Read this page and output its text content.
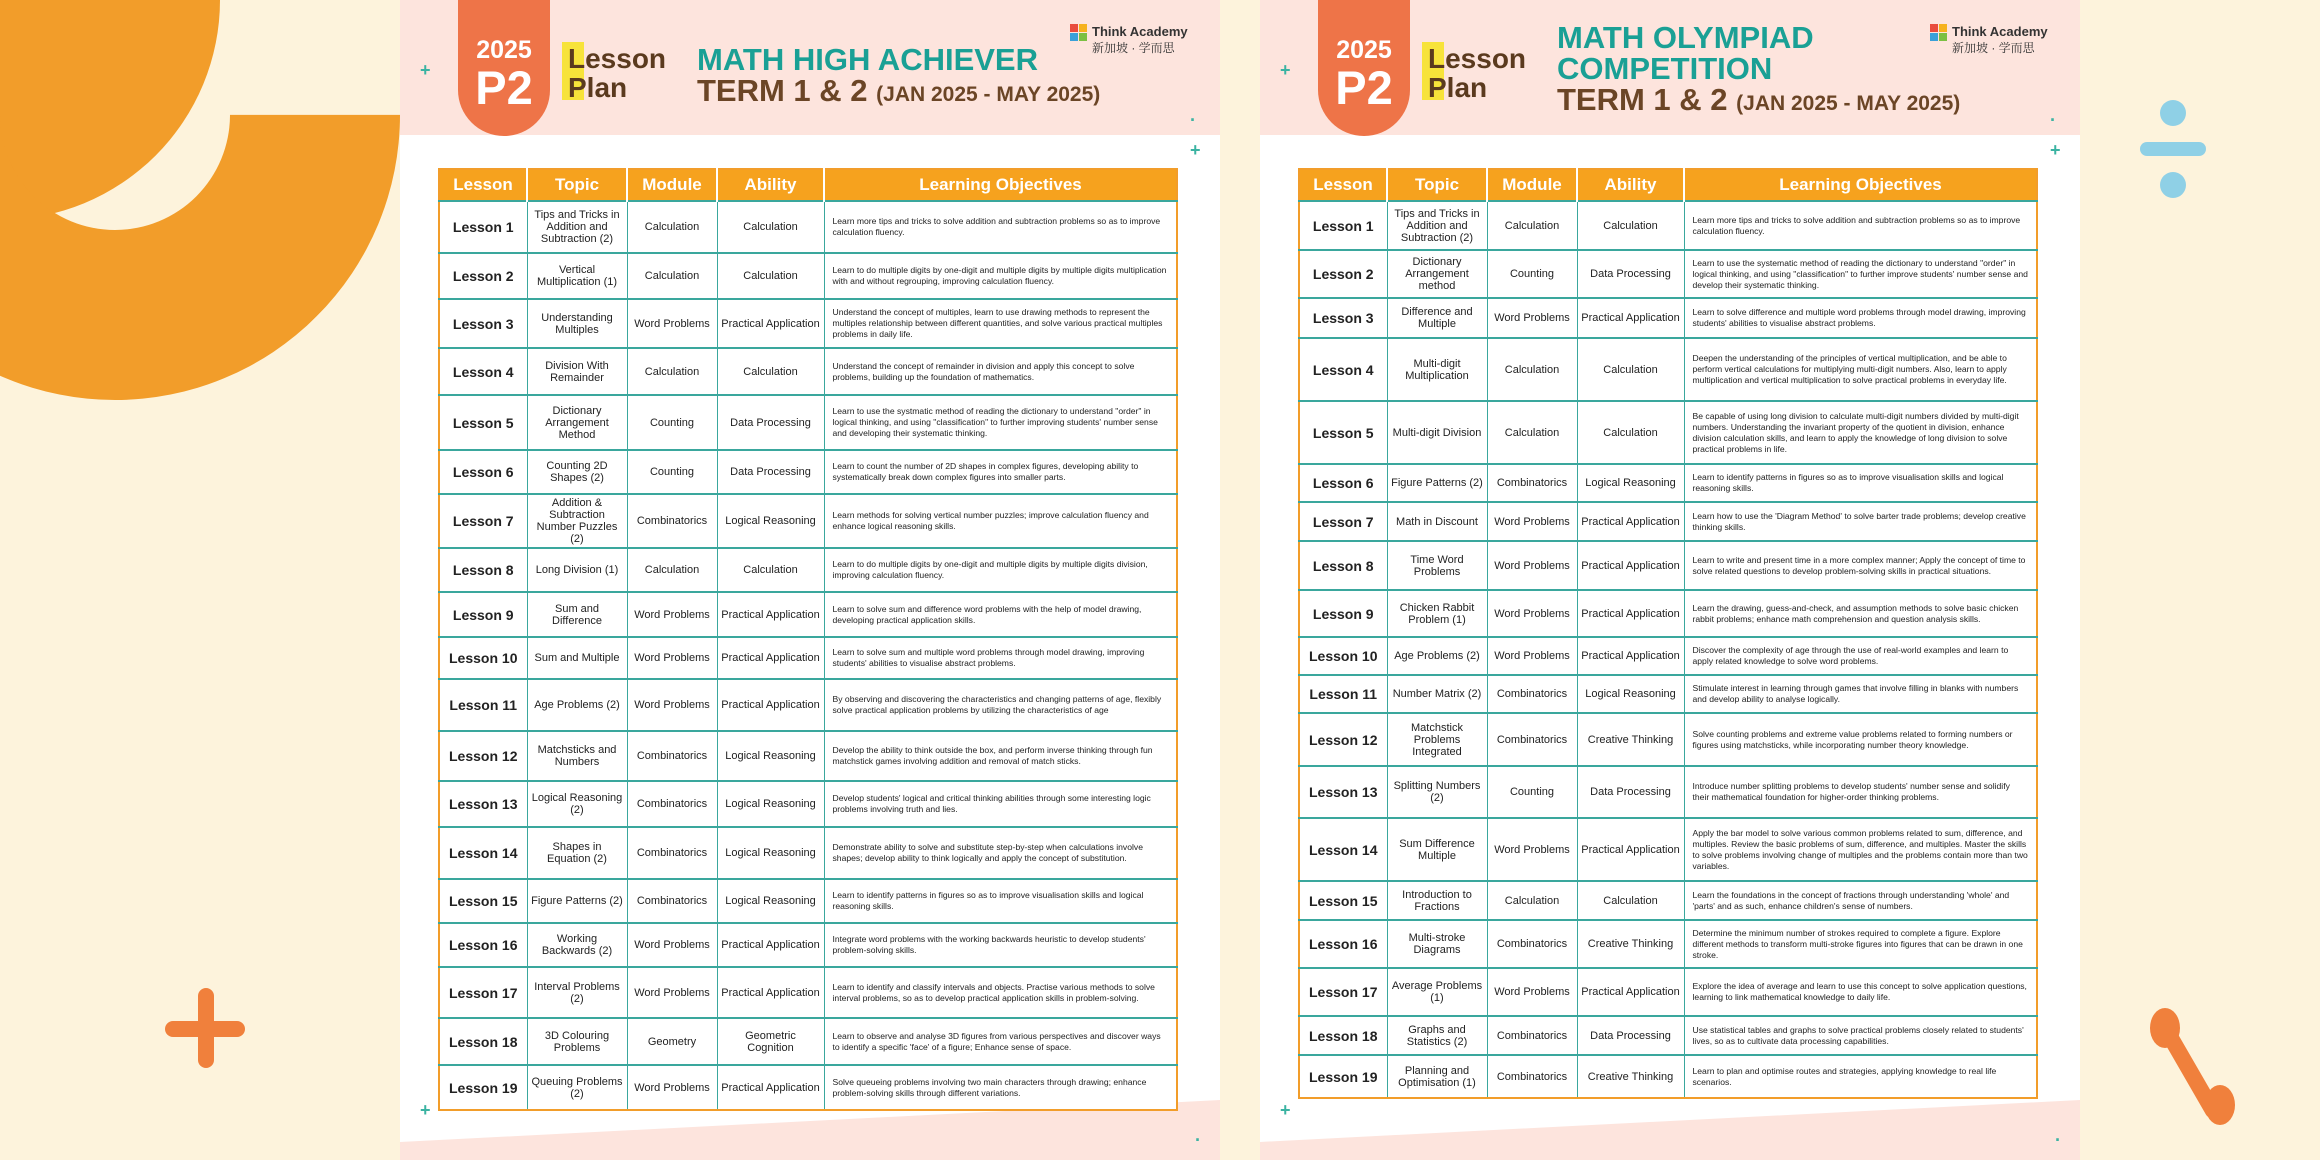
2025
P2
Lesson
Plan
MATH HIGH ACHIEVER
TERM 1 & 2 (JAN 2025 - MAY 2025)
Think Academy
新加坡 · 学而思
Lesson	Topic	Module	Ability	Learning Objectives
Lesson 1	Tips and Tricks in Addition and Subtraction (2)	Calculation	Calculation	Learn more tips and tricks to solve addition and subtraction problems so as to improve calculation fluency.
Lesson 2	Vertical Multiplication (1)	Calculation	Calculation	Learn to do multiple digits by one-digit and multiple digits by multiple digits multiplication with and without regrouping, improving calculation fluency.
Lesson 3	Understanding Multiples	Word Problems	Practical Application	Understand the concept of multiples, learn to use drawing methods to represent the multiples relationship between different quantities, and solve various practical multiples problems in daily life.
Lesson 4	Division With Remainder	Calculation	Calculation	Understand the concept of remainder in division and apply this concept to solve problems, building up the foundation of mathematics.
Lesson 5	Dictionary Arrangement Method	Counting	Data Processing	Learn to use the systmatic method of reading the dictionary to understand "order" in logical thinking, and using "classification" to further improving students' number sense and developing their systematic thinking.
Lesson 6	Counting 2D Shapes (2)	Counting	Data Processing	Learn to count the number of 2D shapes in complex figures, developing ability to systematically break down complex figures into smaller parts.
Lesson 7	Addition & Subtraction Number Puzzles (2)	Combinatorics	Logical Reasoning	Learn methods for solving vertical number puzzles; improve calculation fluency and enhance logical reasoning skills.
Lesson 8	Long Division (1)	Calculation	Calculation	Learn to do multiple digits by one-digit and multiple digits by multiple digits division, improving calculation fluency.
Lesson 9	Sum and Difference	Word Problems	Practical Application	Learn to solve sum and difference word problems with the help of model drawing, developing practical application skills.
Lesson 10	Sum and Multiple	Word Problems	Practical Application	Learn to solve sum and multiple word problems through model drawing, improving students' abilities to visualise abstract problems.
Lesson 11	Age Problems (2)	Word Problems	Practical Application	By observing and discovering the characteristics and changing patterns of age, flexibly solve practical application problems by utilizing the characteristics of age
Lesson 12	Matchsticks and Numbers	Combinatorics	Logical Reasoning	Develop the ability to think outside the box, and perform inverse thinking through fun matchstick games involving addition and removal of match sticks.
Lesson 13	Logical Reasoning (2)	Combinatorics	Logical Reasoning	Develop students' logical and critical thinking abilities through some interesting logic problems involving truth and lies.
Lesson 14	Shapes in Equation (2)	Combinatorics	Logical Reasoning	Demonstrate ability to solve and substitute step-by-step when calculations involve shapes; develop ability to think logically and apply the concept of substitution.
Lesson 15	Figure Patterns (2)	Combinatorics	Logical Reasoning	Learn to identify patterns in figures so as to improve visualisation skills and logical reasoning skills.
Lesson 16	Working Backwards (2)	Word Problems	Practical Application	Integrate word problems with the working backwards heuristic to develop students' problem-solving skills.
Lesson 17	Interval Problems (2)	Word Problems	Practical Application	Learn to identify and classify intervals and objects. Practise various methods to solve interval problems, so as to develop practical application skills in problem-solving.
Lesson 18	3D Colouring Problems	Geometry	Geometric Cognition	Learn to observe and analyse 3D figures from various perspectives and discover ways to identify a specific 'face' of a figure; Enhance sense of space.
Lesson 19	Queuing Problems (2)	Word Problems	Practical Application	Solve queueing problems involving two main characters through drawing; enhance problem-solving skills through different variations.
+
·
+
·
+
2025
P2
Lesson
Plan
MATH OLYMPIAD
COMPETITION
TERM 1 & 2 (JAN 2025 - MAY 2025)
Think Academy
新加坡 · 学而思
Lesson	Topic	Module	Ability	Learning Objectives
Lesson 1	Tips and Tricks in Addition and Subtraction (2)	Calculation	Calculation	Learn more tips and tricks to solve addition and subtraction problems so as to improve calculation fluency.
Lesson 2	Dictionary Arrangement method	Counting	Data Processing	Learn to use the systematic method of reading the dictionary to understand "order" in logical thinking, and using "classification" to further improve students' number sense and develop their systematic thinking.
Lesson 3	Difference and Multiple	Word Problems	Practical Application	Learn to solve difference and multiple word problems through model drawing, improving students' abilities to visualise abstract problems.
Lesson 4	Multi-digit Multiplication	Calculation	Calculation	Deepen the understanding of the principles of vertical multiplication, and be able to perform vertical calculations for multiplying multi-digit numbers. Also, learn to apply multiplication and vertical multiplication to solve practical problems in everyday life.
Lesson 5	Multi-digit Division	Calculation	Calculation	Be capable of using long division to calculate multi-digit numbers divided by multi-digit numbers. Understanding the invariant property of the quotient in division, enhance division calculation skills, and learn to apply the knowledge of long division to solve practical problems in life.
Lesson 6	Figure Patterns (2)	Combinatorics	Logical Reasoning	Learn to identify patterns in figures so as to improve visualisation skills and logical reasoning skills.
Lesson 7	Math in Discount	Word Problems	Practical Application	Learn how to use the 'Diagram Method' to solve barter trade problems; develop creative thinking skills.
Lesson 8	Time Word Problems	Word Problems	Practical Application	Learn to write and present time in a more complex manner; Apply the concept of time to solve related questions to develop problem-solving skills in practical situations.
Lesson 9	Chicken Rabbit Problem (1)	Word Problems	Practical Application	Learn the drawing, guess-and-check, and assumption methods to solve basic chicken rabbit problems; enhance math comprehension and question analysis skills.
Lesson 10	Age Problems (2)	Word Problems	Practical Application	Discover the complexity of age through the use of real-world examples and learn to apply related knowledge to solve word problems.
Lesson 11	Number Matrix (2)	Combinatorics	Logical Reasoning	Stimulate interest in learning through games that involve filling in blanks with numbers and develop ability to analyse logically.
Lesson 12	Matchstick Problems Integrated	Combinatorics	Creative Thinking	Solve counting problems and extreme value problems related to forming numbers or figures using matchsticks, while incorporating number theory knowledge.
Lesson 13	Splitting Numbers (2)	Counting	Data Processing	Introduce number splitting problems to develop students' number sense and solidify their mathematical foundation for higher-order thinking problems.
Lesson 14	Sum Difference Multiple	Word Problems	Practical Application	Apply the bar model to solve various common problems related to sum, difference, and multiples. Review the basic problems of sum, difference, and multiples. Master the skills to solve problems involving change of multiples and the problems contain more than two variables.
Lesson 15	Introduction to Fractions	Calculation	Calculation	Learn the foundations in the concept of fractions through understanding 'whole' and 'parts' and as such, enhance children's sense of numbers.
Lesson 16	Multi-stroke Diagrams	Combinatorics	Creative Thinking	Determine the minimum number of strokes required to complete a figure. Explore different methods to transform multi-stroke figures into figures that can be drawn in one stroke.
Lesson 17	Average Problems (1)	Word Problems	Practical Application	Explore the idea of average and learn to use this concept to solve application questions, learning to link mathematical knowledge to daily life.
Lesson 18	Graphs and Statistics (2)	Combinatorics	Data Processing	Use statistical tables and graphs to solve practical problems closely related to students' lives, so as to cultivate data processing capabilities.
Lesson 19	Planning and Optimisation (1)	Combinatorics	Creative Thinking	Learn to plan and optimise routes and strategies, applying knowledge to real life scenarios.
+
·
+
·
+
